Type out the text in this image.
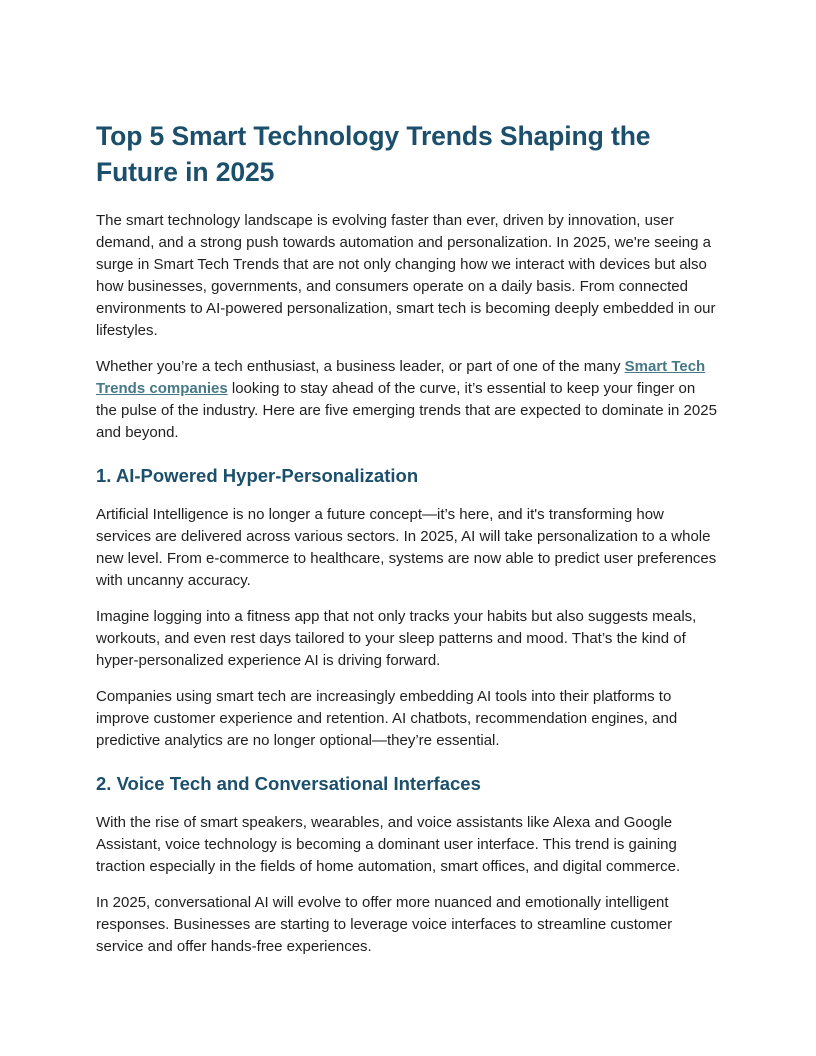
Top 5 Smart Technology Trends Shaping the Future in 2025

The smart technology landscape is evolving faster than ever, driven by innovation, user demand, and a strong push towards automation and personalization. In 2025, we're seeing a surge in Smart Tech Trends that are not only changing how we interact with devices but also how businesses, governments, and consumers operate on a daily basis. From connected environments to AI-powered personalization, smart tech is becoming deeply embedded in our lifestyles.

Whether you’re a tech enthusiast, a business leader, or part of one of the many Smart Tech Trends companies looking to stay ahead of the curve, it’s essential to keep your finger on the pulse of the industry. Here are five emerging trends that are expected to dominate in 2025 and beyond.

1. AI-Powered Hyper-Personalization

Artificial Intelligence is no longer a future concept—it’s here, and it's transforming how services are delivered across various sectors. In 2025, AI will take personalization to a whole new level. From e-commerce to healthcare, systems are now able to predict user preferences with uncanny accuracy.

Imagine logging into a fitness app that not only tracks your habits but also suggests meals, workouts, and even rest days tailored to your sleep patterns and mood. That’s the kind of hyper-personalized experience AI is driving forward.

Companies using smart tech are increasingly embedding AI tools into their platforms to improve customer experience and retention. AI chatbots, recommendation engines, and predictive analytics are no longer optional—they’re essential.

2. Voice Tech and Conversational Interfaces

With the rise of smart speakers, wearables, and voice assistants like Alexa and Google Assistant, voice technology is becoming a dominant user interface. This trend is gaining traction especially in the fields of home automation, smart offices, and digital commerce.

In 2025, conversational AI will evolve to offer more nuanced and emotionally intelligent responses. Businesses are starting to leverage voice interfaces to streamline customer service and offer hands-free experiences.
